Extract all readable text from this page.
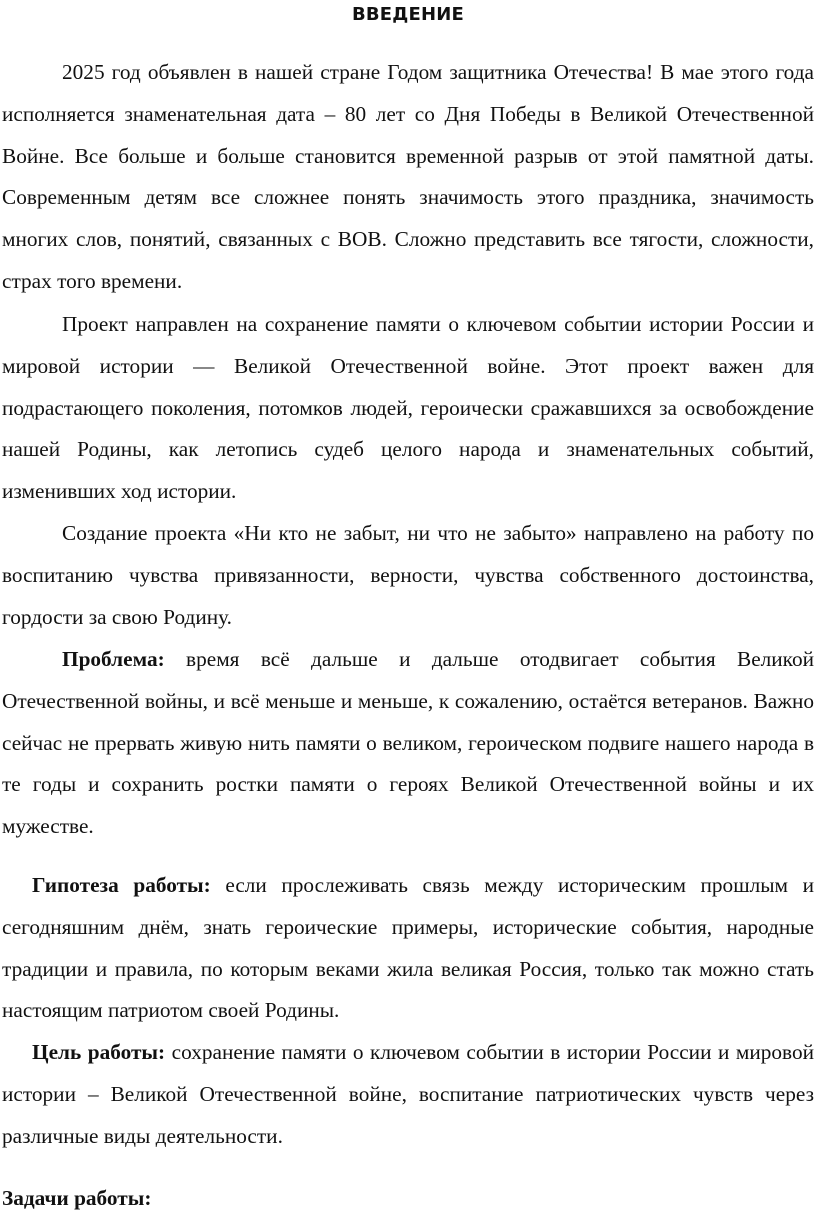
ВВЕДЕНИЕ

2025 год объявлен в нашей стране Годом защитника Отечества! В мае этого года исполняется знаменательная дата – 80 лет со Дня Победы в Великой Отечественной Войне. Все больше и больше становится временной разрыв от этой памятной даты. Современным детям все сложнее понять значимость этого праздника, значимость многих слов, понятий, связанных с ВОВ. Сложно представить все тягости, сложности, страх того времени.

Проект направлен на сохранение памяти о ключевом событии истории России и мировой истории — Великой Отечественной войне. Этот проект важен для подрастающего поколения, потомков людей, героически сражавшихся за освобождение нашей Родины, как летопись судеб целого народа и знаменательных событий, изменивших ход истории.

Создание проекта «Ни кто не забыт, ни что не забыто» направлено на работу по воспитанию чувства привязанности, верности, чувства собственного достоинства, гордости за свою Родину.

Проблема: время всё дальше и дальше отодвигает события Великой Отечественной войны, и всё меньше и меньше, к сожалению, остаётся ветеранов. Важно сейчас не прервать живую нить памяти о великом, героическом подвиге нашего народа в те годы и сохранить ростки памяти о героях Великой Отечественной войны и их мужестве.

Гипотеза работы: если прослеживать связь между историческим прошлым и сегодняшним днём, знать героические примеры, исторические события, народные традиции и правила, по которым веками жила великая Россия, только так можно стать настоящим патриотом своей Родины.

Цель работы: сохранение памяти о ключевом событии в истории России и мировой истории – Великой Отечественной войне, воспитание патриотических чувств через различные виды деятельности.

Задачи работы:
